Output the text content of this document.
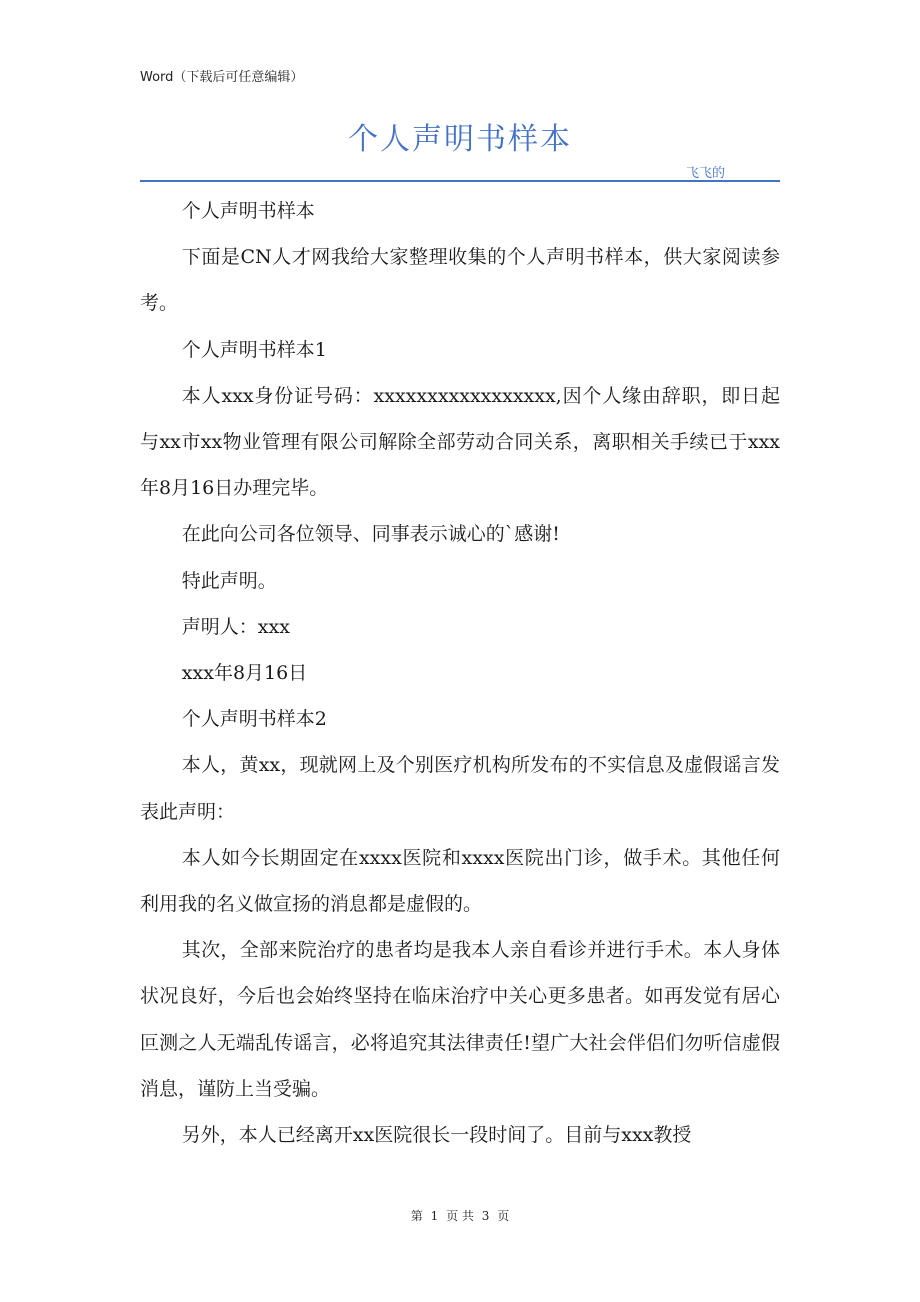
Word（下载后可任意编辑）
个人声明书样本
飞飞的

个人声明书样本

下面是CN人才网我给大家整理收集的个人声明书样本，供大家阅读参考。

个人声明书样本1

本人xxx身份证号码：xxxxxxxxxxxxxxxxx,因个人缘由辞职，即日起与xx市xx物业管理有限公司解除全部劳动合同关系，离职相关手续已于xxx年8月16日办理完毕。

在此向公司各位领导、同事表示诚心的`感谢!

特此声明。

声明人：xxx

xxx年8月16日

个人声明书样本2

本人，黄xx，现就网上及个别医疗机构所发布的不实信息及虚假谣言发表此声明：

本人如今长期固定在xxxx医院和xxxx医院出门诊，做手术。其他任何利用我的名义做宣扬的消息都是虚假的。

其次，全部来院治疗的患者均是我本人亲自看诊并进行手术。本人身体状况良好，今后也会始终坚持在临床治疗中关心更多患者。如再发觉有居心叵测之人无端乱传谣言，必将追究其法律责任!望广大社会伴侣们勿听信虚假消息，谨防上当受骗。

另外，本人已经离开xx医院很长一段时间了。目前与xxx教授

第 1 页 共 3 页
